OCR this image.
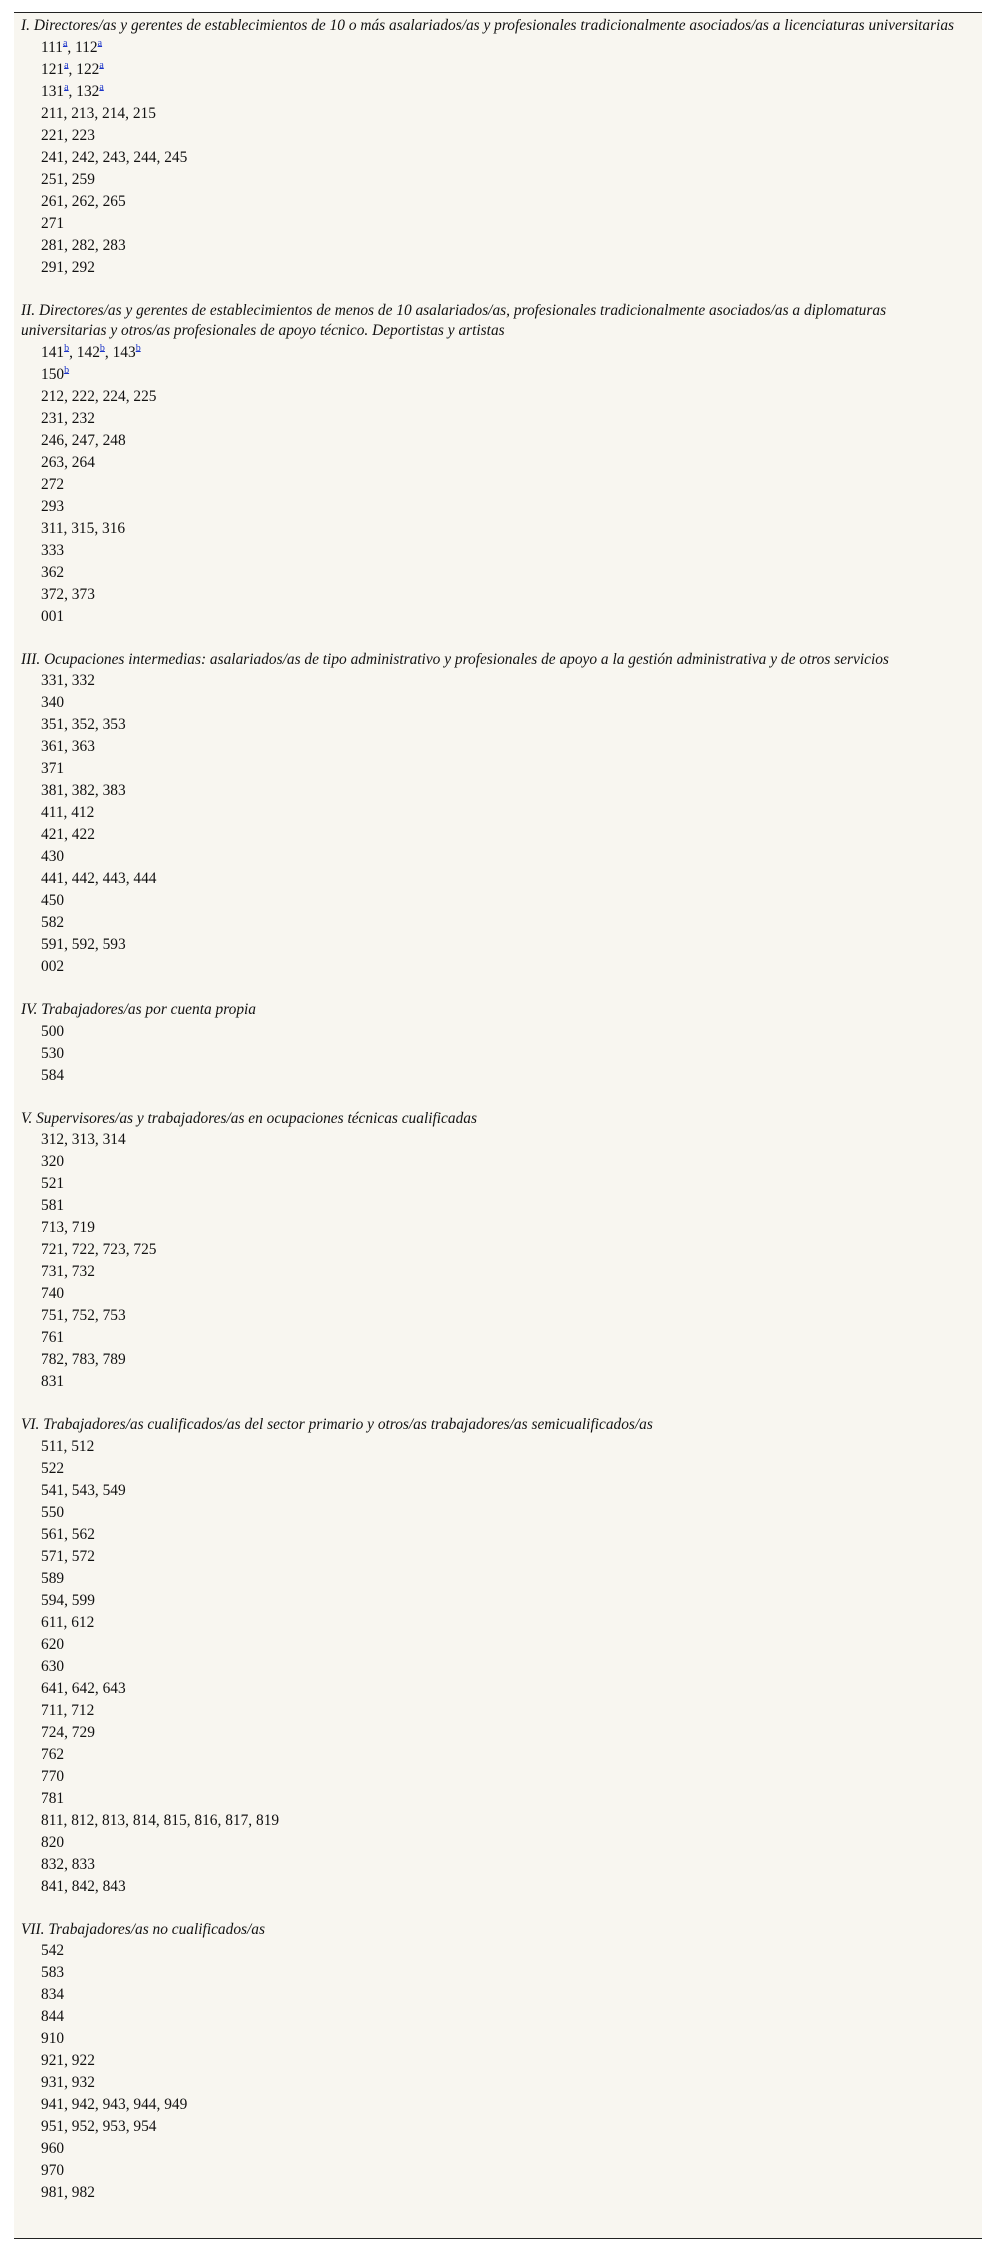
I. Directores/as y gerentes de establecimientos de 10 o más asalariados/as y profesionales tradicionalmente asociados/as a licenciaturas universitarias
111$^a$, 112$^a$
121$^a$, 122$^a$
131$^a$, 132$^a$
211, 213, 214, 215
221, 223
241, 242, 243, 244, 245
251, 259
261, 262, 265
271
281, 282, 283
291, 292
II. Directores/as y gerentes de establecimientos de menos de 10 asalariados/as, profesionales tradicionalmente asociados/as a diplomaturas universitarias y otros/as profesionales de apoyo técnico. Deportistas y artistas
141$^b$, 142$^b$, 143$^b$
150$^b$
212, 222, 224, 225
231, 232
246, 247, 248
263, 264
272
293
311, 315, 316
333
362
372, 373
001
III. Ocupaciones intermedias: asalariados/as de tipo administrativo y profesionales de apoyo a la gestión administrativa y de otros servicios
331, 332
340
351, 352, 353
361, 363
371
381, 382, 383
411, 412
421, 422
430
441, 442, 443, 444
450
582
591, 592, 593
002
IV. Trabajadores/as por cuenta propia
500
530
584
V. Supervisores/as y trabajadores/as en ocupaciones técnicas cualificadas
312, 313, 314
320
521
581
713, 719
721, 722, 723, 725
731, 732
740
751, 752, 753
761
782, 783, 789
831
VI. Trabajadores/as cualificados/as del sector primario y otros/as trabajadores/as semicualificados/as
511, 512
522
541, 543, 549
550
561, 562
571, 572
589
594, 599
611, 612
620
630
641, 642, 643
711, 712
724, 729
762
770
781
811, 812, 813, 814, 815, 816, 817, 819
820
832, 833
841, 842, 843
VII. Trabajadores/as no cualificados/as
542
583
834
844
910
921, 922
931, 932
941, 942, 943, 944, 949
951, 952, 953, 954
960
970
981, 982
